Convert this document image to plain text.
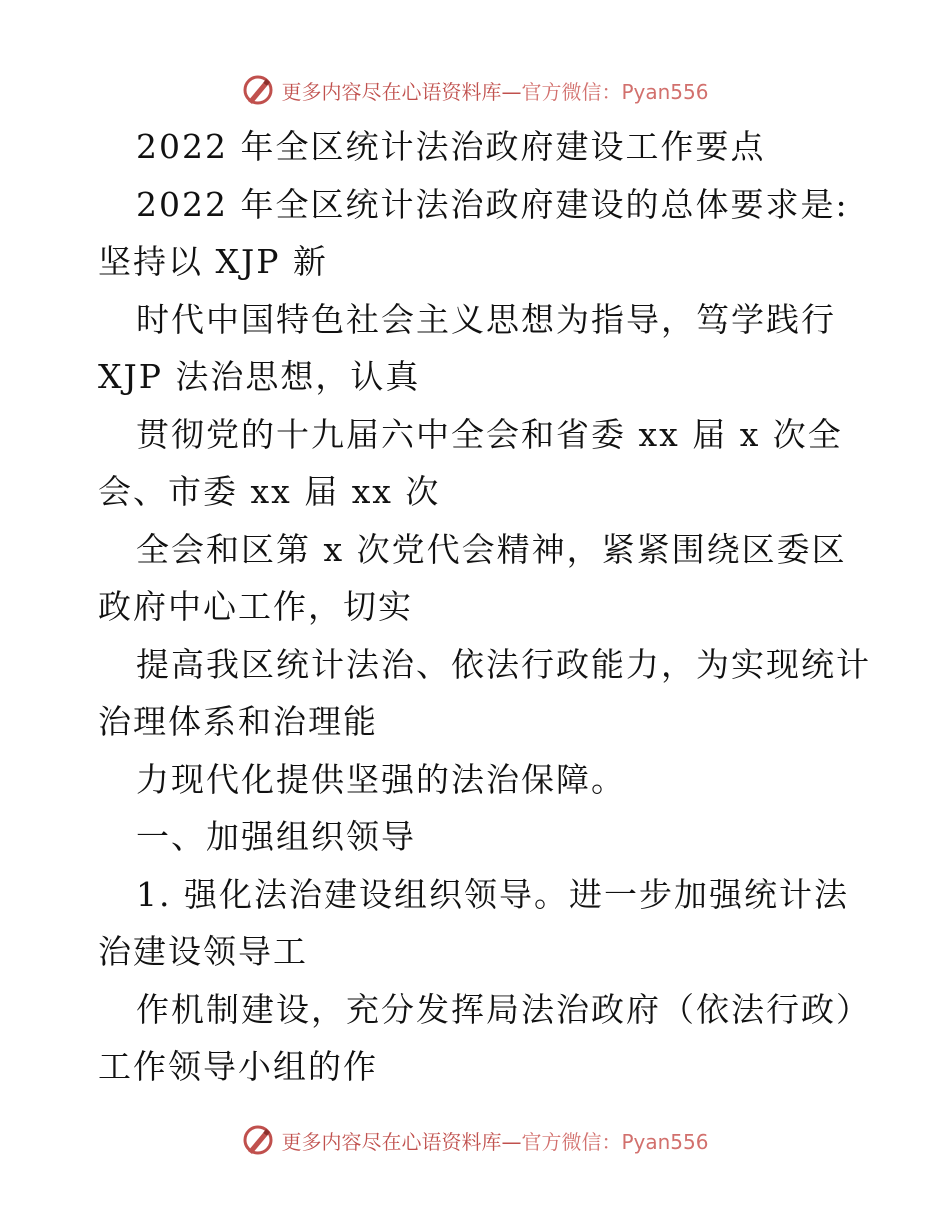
更多内容尽在心语资料库—官方微信：Pyan556
2022 年全区统计法治政府建设工作要点
2022 年全区统计法治政府建设的总体要求是:
坚持以 XJP 新
时代中国特色社会主义思想为指导，笃学践行
XJP 法治思想，认真
贯彻党的十九届六中全会和省委 xx 届 x 次全
会、市委 xx 届 xx 次
全会和区第 x 次党代会精神，紧紧围绕区委区
政府中心工作，切实
提高我区统计法治、依法行政能力，为实现统计
治理体系和治理能
力现代化提供坚强的法治保障。
一、加强组织领导
1. 强化法治建设组织领导。进一步加强统计法
治建设领导工
作机制建设，充分发挥局法治政府（依法行政）
工作领导小组的作
更多内容尽在心语资料库—官方微信：Pyan556
